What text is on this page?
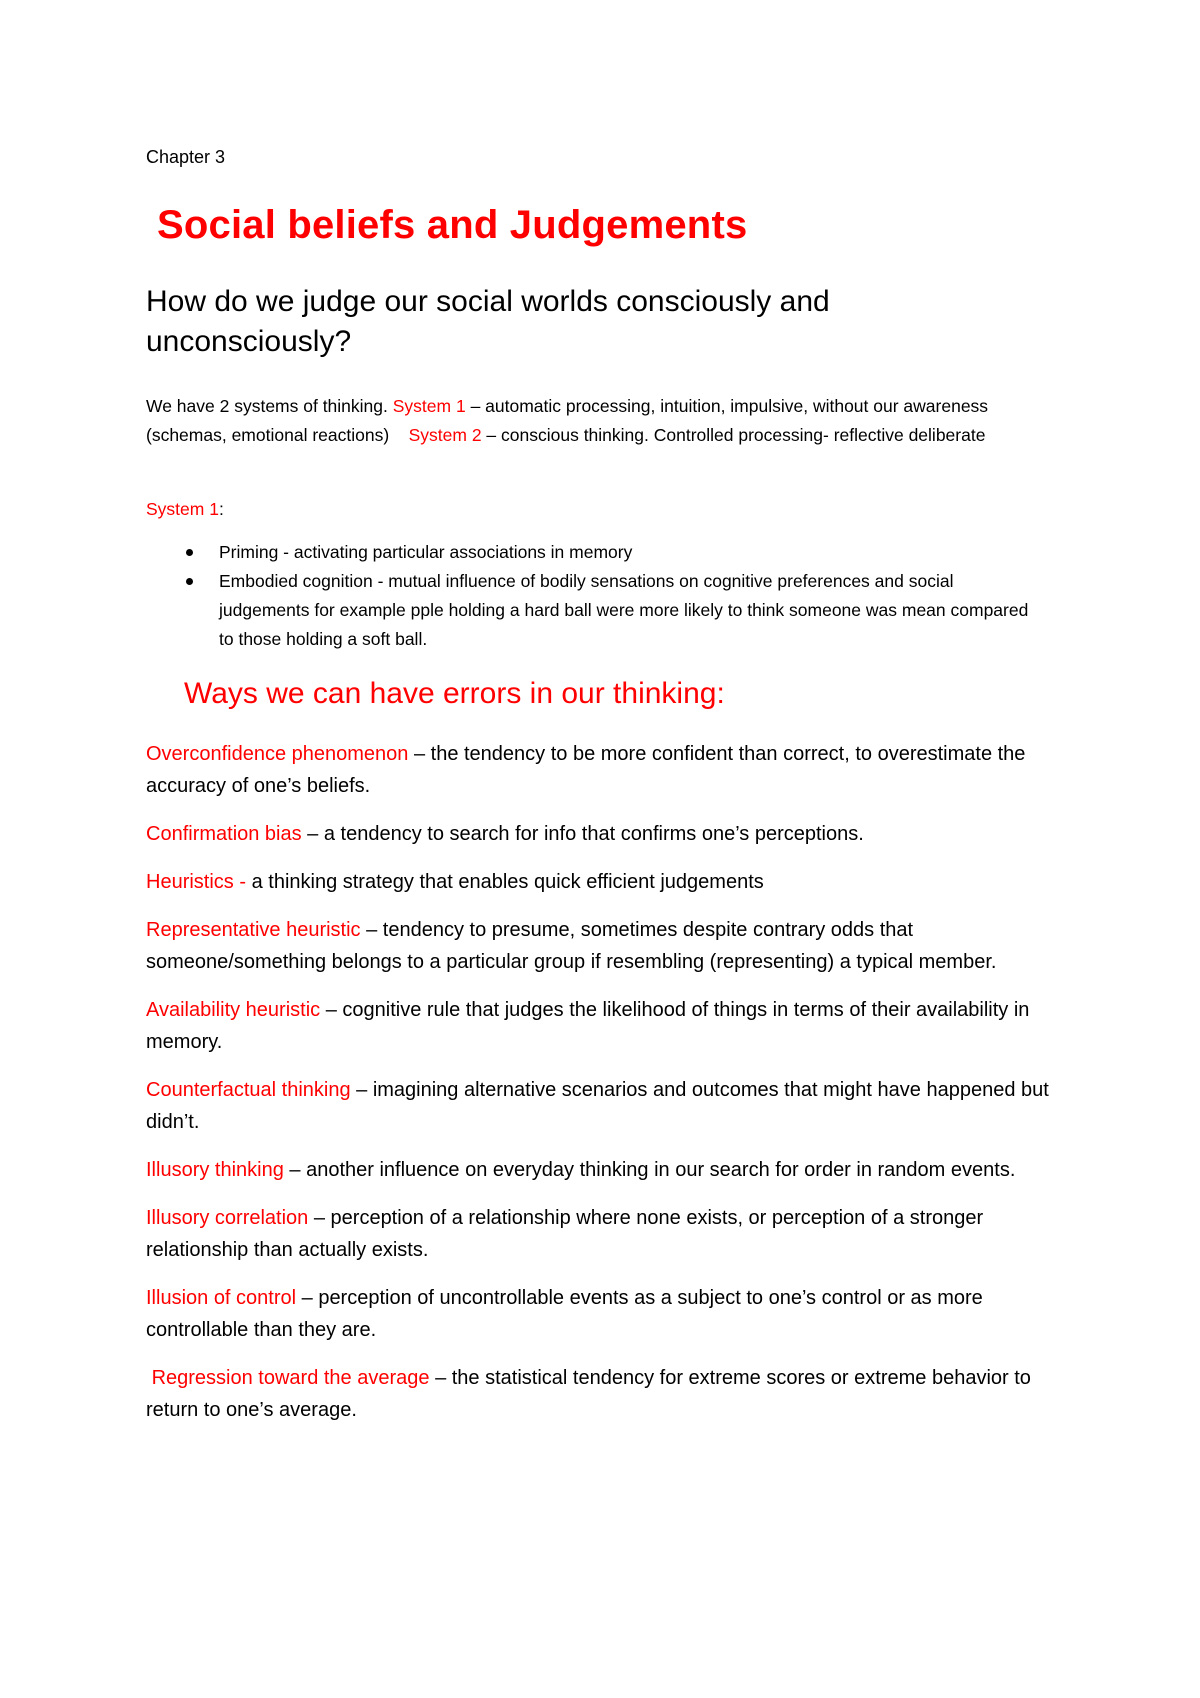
Chapter 3

Social beliefs and Judgements
How do we judge our social worlds consciously and unconsciously?

We have 2 systems of thinking. System 1 – automatic processing, intuition, impulsive, without our awareness (schemas, emotional reactions)    System 2 – conscious thinking. Controlled processing- reflective deliberate

System 1:

Priming - activating particular associations in memory
Embodied cognition - mutual influence of bodily sensations on cognitive preferences and social judgements for example pple holding a hard ball were more likely to think someone was mean compared to those holding a soft ball.
Ways we can have errors in our thinking:

Overconfidence phenomenon – the tendency to be more confident than correct, to overestimate the accuracy of one’s beliefs.

Confirmation bias – a tendency to search for info that confirms one’s perceptions.

Heuristics - a thinking strategy that enables quick efficient judgements

Representative heuristic – tendency to presume, sometimes despite contrary odds that someone/something belongs to a particular group if resembling (representing) a typical member.

Availability heuristic – cognitive rule that judges the likelihood of things in terms of their availability in memory.

Counterfactual thinking – imagining alternative scenarios and outcomes that might have happened but didn’t.

Illusory thinking – another influence on everyday thinking in our search for order in random events.

Illusory correlation – perception of a relationship where none exists, or perception of a stronger relationship than actually exists.

Illusion of control – perception of uncontrollable events as a subject to one’s control or as more controllable than they are.

Regression toward the average – the statistical tendency for extreme scores or extreme behavior to return to one’s average.
